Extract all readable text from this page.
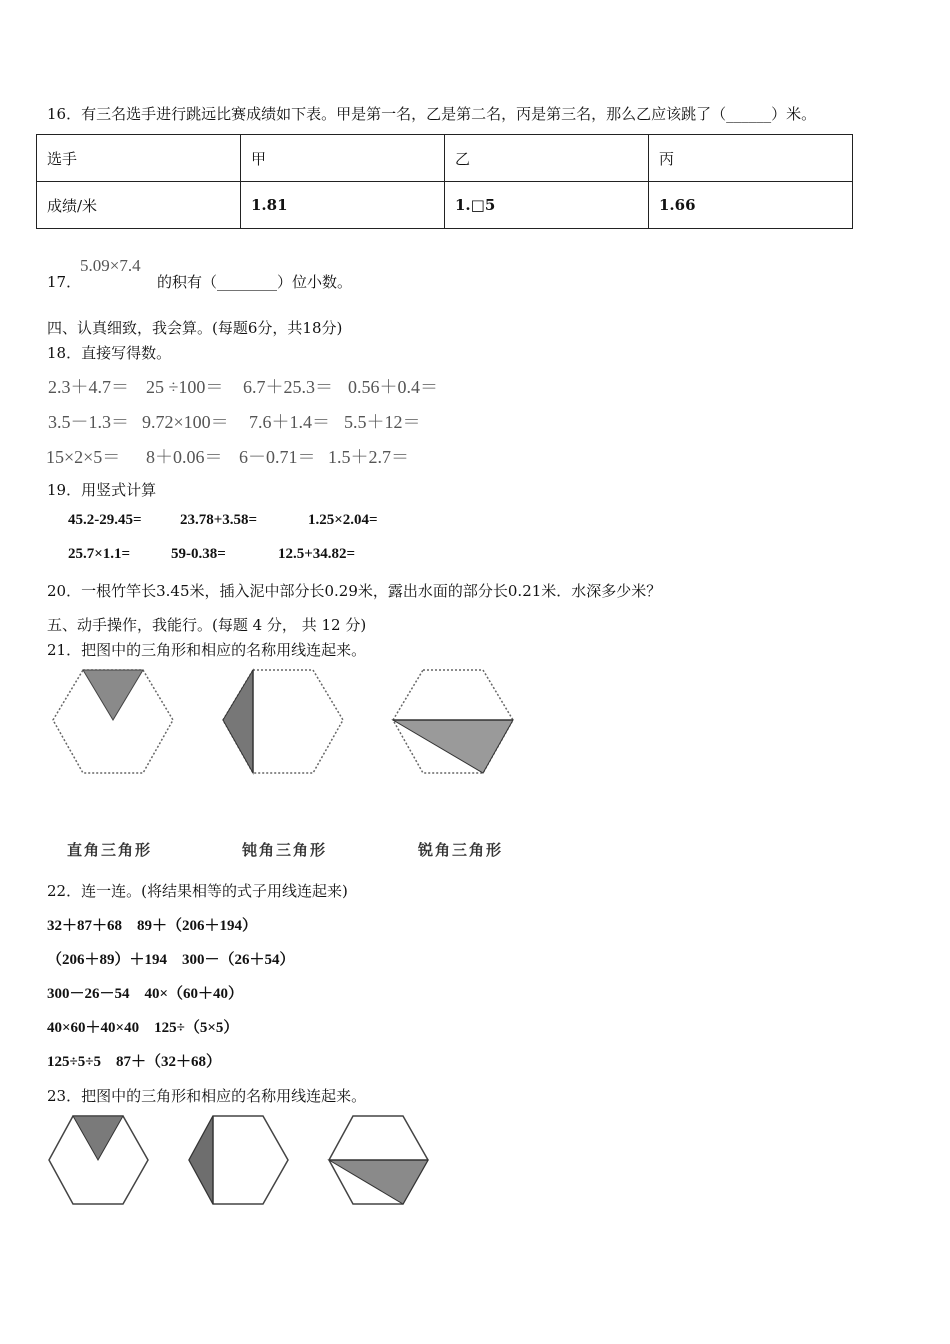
16．有三名选手进行跳远比赛成绩如下表。甲是第一名，乙是第二名，丙是第三名，那么乙应该跳了（______）米。
选手	甲	乙	丙
成绩/米	1.81	1.□5	1.66
17．
5.09×7.4
的积有（________）位小数。
四、认真细致，我会算。(每题6分，共18分)
18．直接写得数。
2.3＋4.7＝ 25 ÷100＝ 6.7＋25.3＝ 0.56＋0.4＝
3.5－1.3＝ 9.72×100＝ 7.6＋1.4＝ 5.5＋12＝
15×2×5＝ 8＋0.06＝ 6－0.71＝ 1.5＋2.7＝
19．用竖式计算
45.2-29.45=	23.78+3.58=	1.25×2.04=
25.7×1.1=	59-0.38=	12.5+34.82=
20．一根竹竿长3.45米，插入泥中部分长0.29米，露出水面的部分长0.21米．水深多少米？
五、动手操作，我能行。(每题 4 分， 共 12 分)
21．把图中的三角形和相应的名称用线连起来。
直角三角形	钝角三角形	锐角三角形
22．连一连。(将结果相等的式子用线连起来)
32＋87＋68　89＋（206＋194）
（206＋89）＋194　300－（26＋54）
300－26－54　40×（60＋40）
40×60＋40×40　125÷（5×5）
125÷5÷5　87＋（32＋68）
23．把图中的三角形和相应的名称用线连起来。
